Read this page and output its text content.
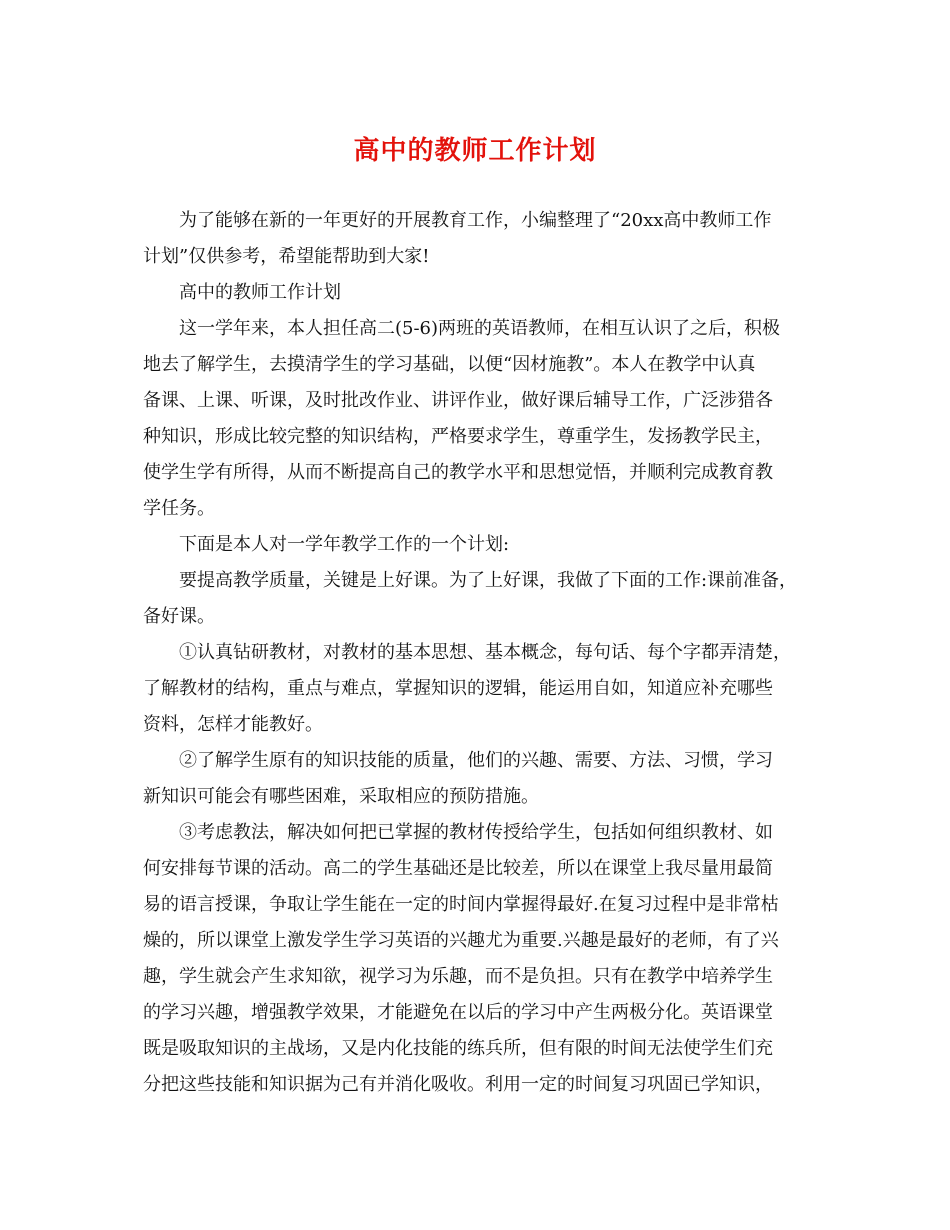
高中的教师工作计划
为了能够在新的一年更好的开展教育工作，小编整理了“20xx高中教师工作
计划”仅供参考，希望能帮助到大家!
高中的教师工作计划
这一学年来，本人担任高二(5-6)两班的英语教师，在相互认识了之后，积极
地去了解学生，去摸清学生的学习基础，以便“因材施教”。本人在教学中认真
备课、上课、听课，及时批改作业、讲评作业，做好课后辅导工作，广泛涉猎各
种知识，形成比较完整的知识结构，严格要求学生，尊重学生，发扬教学民主，
使学生学有所得，从而不断提高自己的教学水平和思想觉悟，并顺利完成教育教
学任务。
下面是本人对一学年教学工作的一个计划:
要提高教学质量，关键是上好课。为了上好课，我做了下面的工作:课前准备，
备好课。
①认真钻研教材，对教材的基本思想、基本概念，每句话、每个字都弄清楚，
了解教材的结构，重点与难点，掌握知识的逻辑，能运用自如，知道应补充哪些
资料，怎样才能教好。
②了解学生原有的知识技能的质量，他们的兴趣、需要、方法、习惯，学习
新知识可能会有哪些困难，采取相应的预防措施。
③考虑教法，解决如何把已掌握的教材传授给学生，包括如何组织教材、如
何安排每节课的活动。高二的学生基础还是比较差，所以在课堂上我尽量用最简
易的语言授课，争取让学生能在一定的时间内掌握得最好.在复习过程中是非常枯
燥的，所以课堂上激发学生学习英语的兴趣尤为重要.兴趣是最好的老师，有了兴
趣，学生就会产生求知欲，视学习为乐趣，而不是负担。只有在教学中培养学生
的学习兴趣，增强教学效果，才能避免在以后的学习中产生两极分化。英语课堂
既是吸取知识的主战场，又是内化技能的练兵所，但有限的时间无法使学生们充
分把这些技能和知识据为己有并消化吸收。利用一定的时间复习巩固已学知识，
